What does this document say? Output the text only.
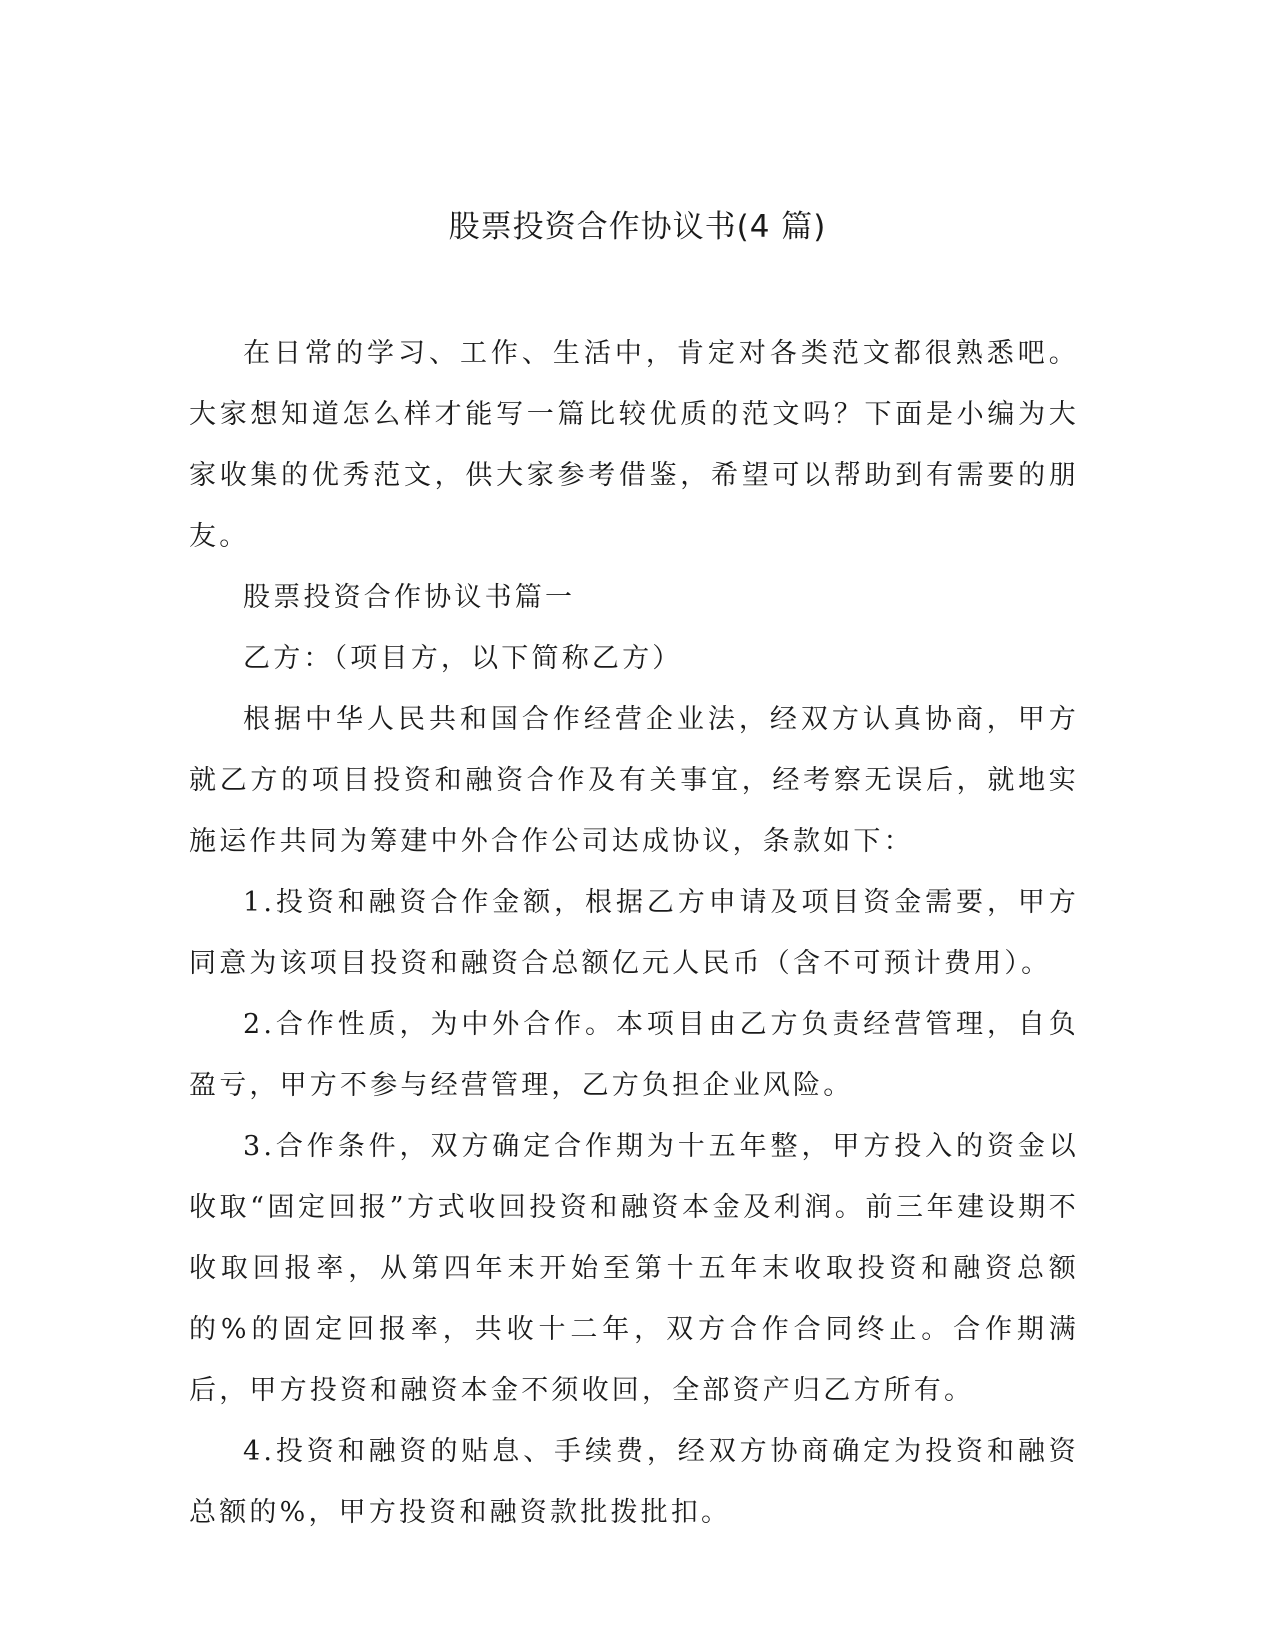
股票投资合作协议书(4 篇)

在日常的学习、工作、生活中，肯定对各类范文都很熟悉吧。大家想知道怎么样才能写一篇比较优质的范文吗？下面是小编为大家收集的优秀范文，供大家参考借鉴，希望可以帮助到有需要的朋友。

股票投资合作协议书篇一

乙方：（项目方，以下简称乙方）

根据中华人民共和国合作经营企业法，经双方认真协商，甲方就乙方的项目投资和融资合作及有关事宜，经考察无误后，就地实施运作共同为筹建中外合作公司达成协议，条款如下：

1.投资和融资合作金额，根据乙方申请及项目资金需要，甲方同意为该项目投资和融资合总额亿元人民币（含不可预计费用）。

2.合作性质，为中外合作。本项目由乙方负责经营管理，自负盈亏，甲方不参与经营管理，乙方负担企业风险。

3.合作条件，双方确定合作期为十五年整，甲方投入的资金以收取“固定回报”方式收回投资和融资本金及利润。前三年建设期不收取回报率，从第四年末开始至第十五年末收取投资和融资总额的%的固定回报率，共收十二年，双方合作合同终止。合作期满后，甲方投资和融资本金不须收回，全部资产归乙方所有。

4.投资和融资的贴息、手续费，经双方协商确定为投资和融资总额的%，甲方投资和融资款批拨批扣。
